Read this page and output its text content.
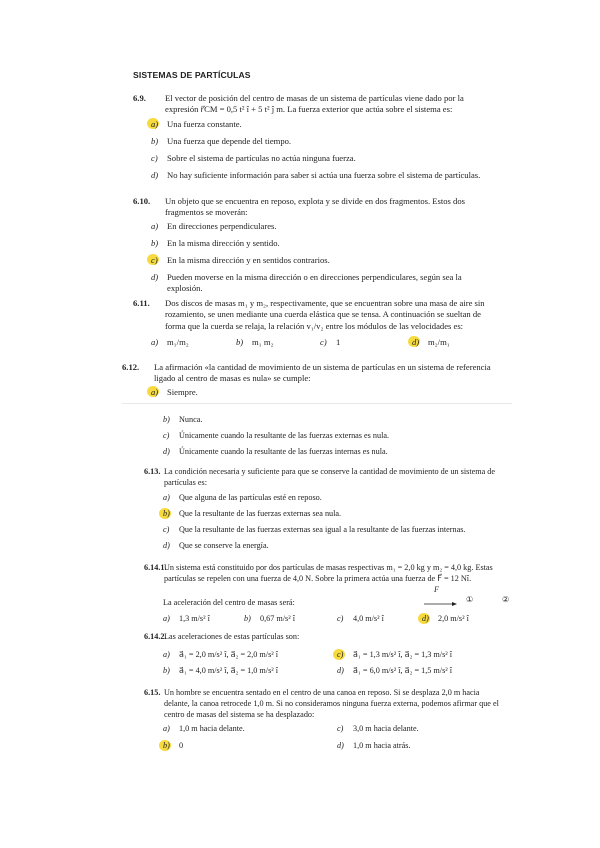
SISTEMAS DE PARTÍCULAS
6.9. El vector de posición del centro de masas de un sistema de partículas viene dado por la expresión r⃗CM = 0,5 t² î + 5 t² ĵ m. La fuerza exterior que actúa sobre el sistema es:
a) Una fuerza constante.
b) Una fuerza que depende del tiempo.
c) Sobre el sistema de partículas no actúa ninguna fuerza.
d) No hay suficiente información para saber si actúa una fuerza sobre el sistema de partículas.
6.10. Un objeto que se encuentra en reposo, explota y se divide en dos fragmentos. Estos dos fragmentos se moverán:
a) En direcciones perpendiculares.
b) En la misma dirección y sentido.
c) En la misma dirección y en sentidos contrarios.
d)	Pueden moverse en la misma dirección o en direcciones perpendiculares, según sea la explosión.
6.11. Dos discos de masas m₁ y m₂, respectivamente, que se encuentran sobre una masa de aire sin rozamiento, se unen mediante una cuerda elástica que se tensa. A continuación se sueltan de forma que la cuerda se relaja, la relación v₁/v₂ entre los módulos de las velocidades es:
a) m₁/m₂	b) m₁ m₂	c) 1	d) m₂/m₁
6.12. La afirmación «la cantidad de movimiento de un sistema de partículas en un sistema de referencia ligado al centro de masas es nula» se cumple:
a) Siempre.
b) Nunca.
c) Únicamente cuando la resultante de las fuerzas externas es nula.
d) Únicamente cuando la resultante de las fuerzas internas es nula.
6.13. La condición necesaria y suficiente para que se conserve la cantidad de movimiento de un sistema de partículas es:
a) Que alguna de las partículas esté en reposo.
b) Que la resultante de las fuerzas externas sea nula.
c) Que la resultante de las fuerzas externas sea igual a la resultante de las fuerzas internas.
d) Que se conserve la energía.
6.14.1.
Un sistema está constituido por dos partículas de masas respectivas m₁ = 2,0 kg y m₂ = 4,0 kg. Estas partículas se repelen con una fuerza de 4,0 N. Sobre la primera actúa una fuerza de F⃗ = 12 Nî.
La aceleración del centro de masas será:
F⃗
①	②
a) 1,3 m/s² î	b) 0,67 m/s² î	c) 4,0 m/s² î	d) 2,0 m/s² î
6.14.2.
Las aceleraciones de estas partículas son:
a) a⃗₁ = 2,0 m/s² î, a⃗₂ = 2,0 m/s² î	c) a⃗₁ = 1,3 m/s² î, a⃗₂ = 1,3 m/s² î
b) a⃗₁ = 4,0 m/s² î, a⃗₂ = 1,0 m/s² î	d) a⃗₁ = 6,0 m/s² î, a⃗₂ = 1,5 m/s² î
6.15. Un hombre se encuentra sentado en el centro de una canoa en reposo. Si se desplaza 2,0 m hacia delante, la canoa retrocede 1,0 m. Si no consideramos ninguna fuerza externa, podemos afirmar que el centro de masas del sistema se ha desplazado:
a) 1,0 m hacia delante.	c) 3,0 m hacia delante.
b) 0	d) 1,0 m hacia atrás.
